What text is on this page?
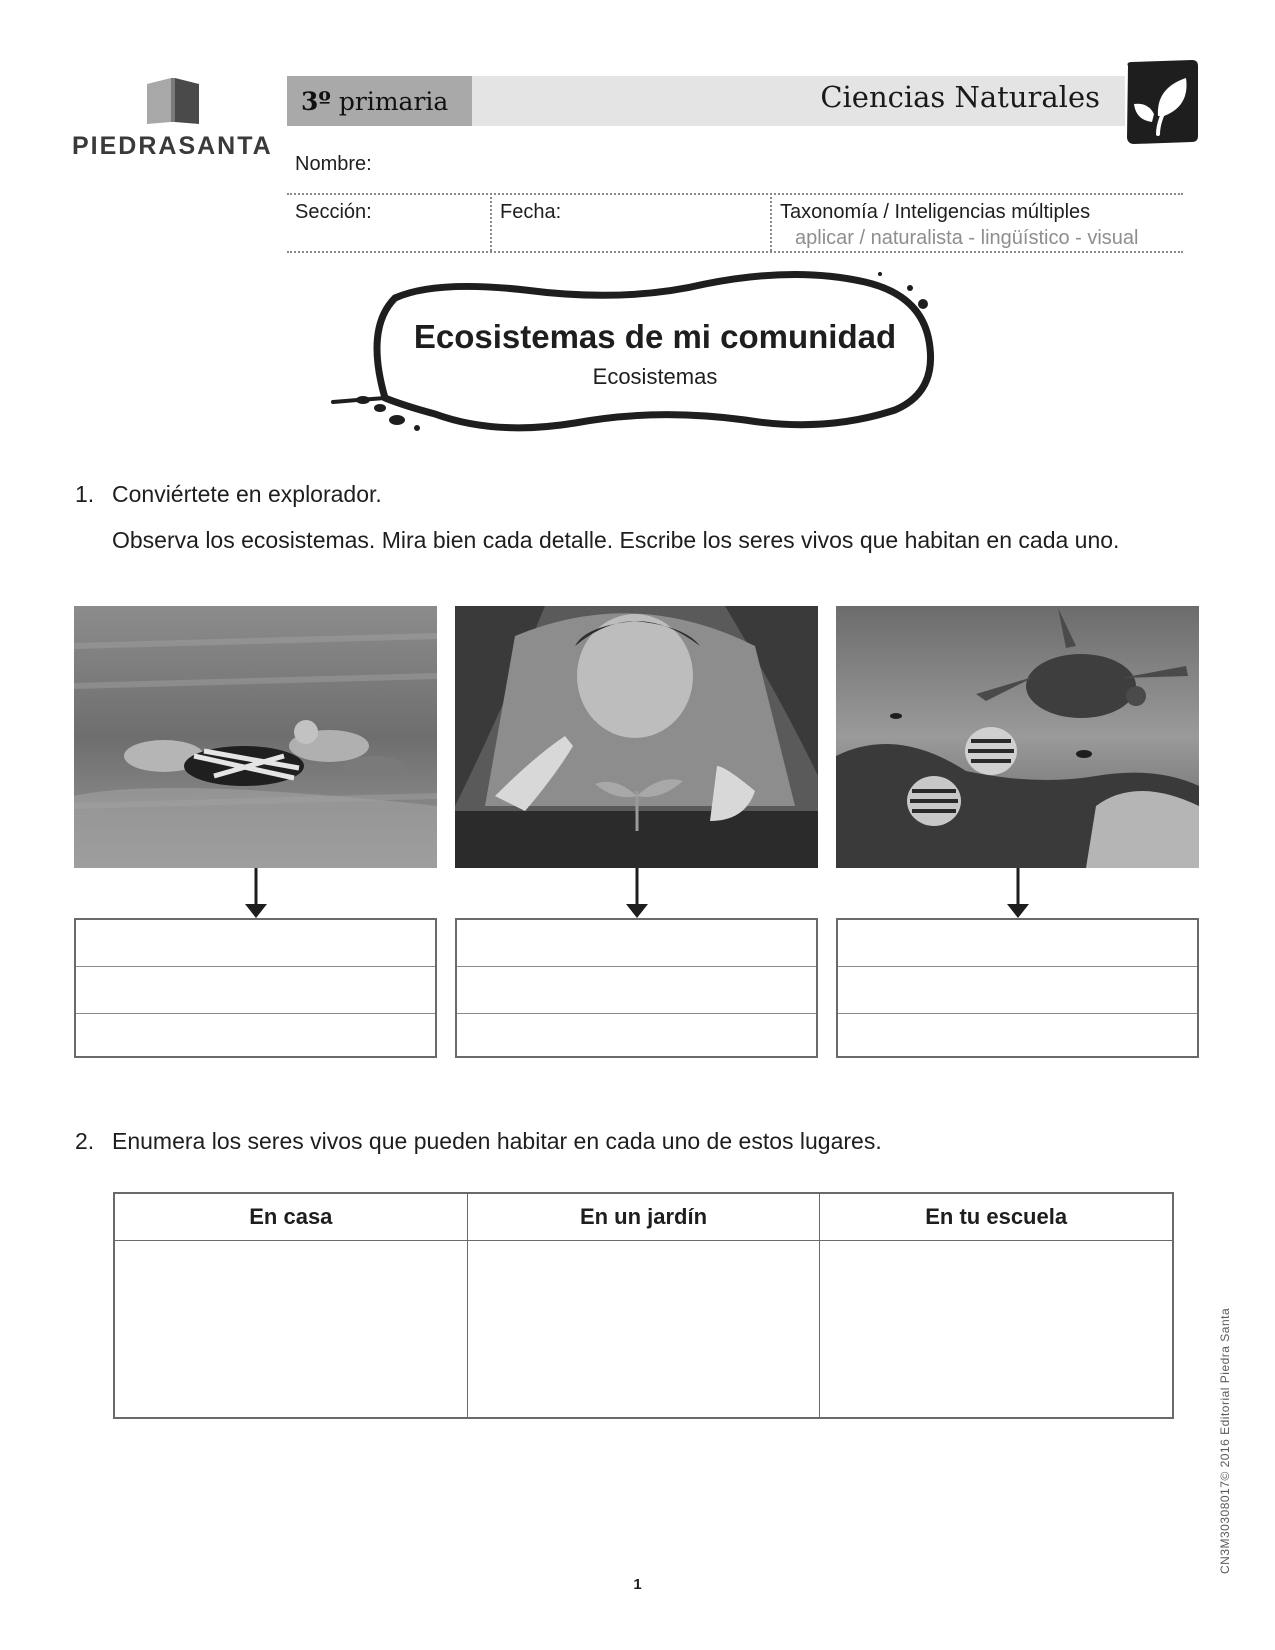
PIEDRASANTA
3º primaria	Ciencias Naturales
Nombre:
Sección:	Fecha:	Taxonomía / Inteligencias múltiples
aplicar / naturalista - lingüístico - visual
Ecosistemas de mi comunidad
Ecosistemas
1. Conviértete en explorador.
Observa los ecosistemas. Mira bien cada detalle. Escribe los seres vivos que habitan en cada uno.
2. Enumera los seres vivos que pueden habitar en cada uno de estos lugares.
En casa	En un jardín	En tu escuela
CN3M3030801​7© 2016 Editorial Piedra Santa
1
